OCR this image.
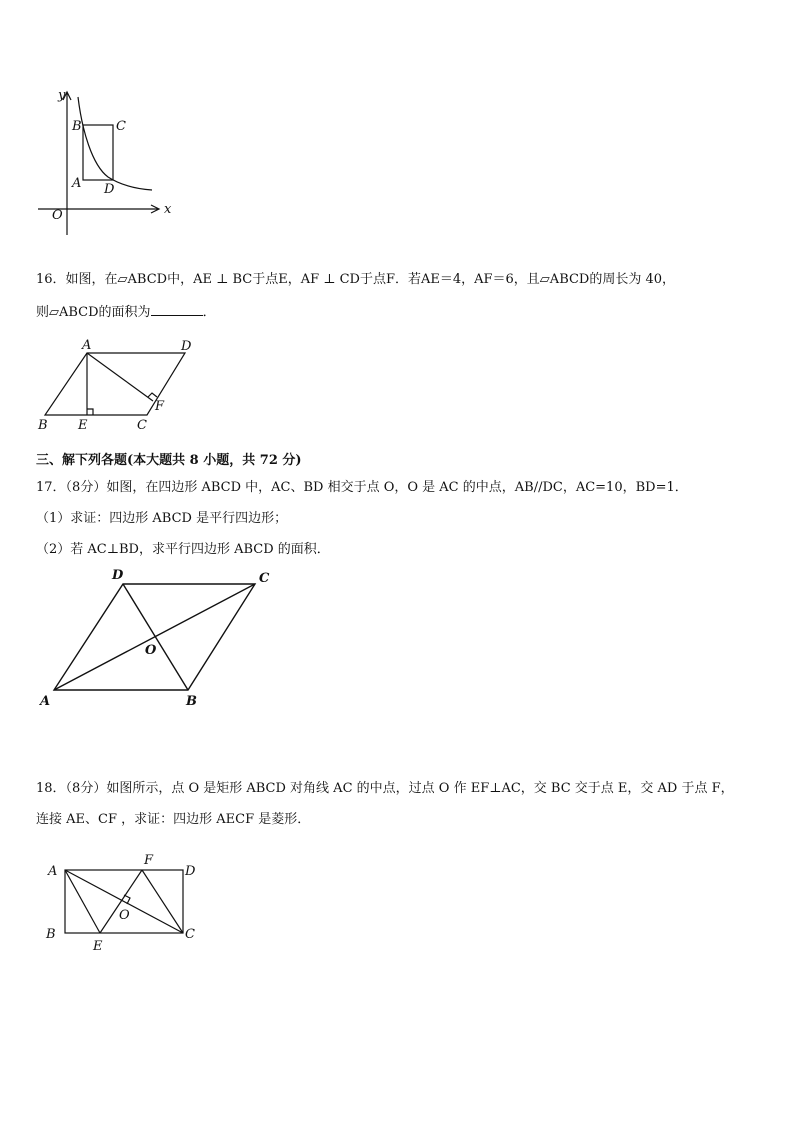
y
x
O
B	C
A D
16．如图，在▱ABCD中，AE ⊥ BC于点E，AF ⊥ CD于点F．若AE＝4，AF＝6，且▱ABCD的周长为 40，
则▱ABCD的面积为	．
A	D
B E	C
F
三、解下列各题(本大题共 8 小题，共 72 分)
17．（8分）如图，在四边形 ABCD 中，AC、BD 相交于点 O，O 是 AC 的中点，AB//DC，AC=10，BD=1．
（1）求证：四边形 ABCD 是平行四边形；
（2）若 AC⊥BD，求平行四边形 ABCD 的面积．
D	C
O
A	B
18．（8分）如图所示，点 O 是矩形 ABCD 对角线 AC 的中点，过点 O 作 EF⊥AC，交 BC 交于点 E，交 AD 于点 F，
连接 AE、CF ，求证：四边形 AECF 是菱形．
A
F
D
O
B
E
C
